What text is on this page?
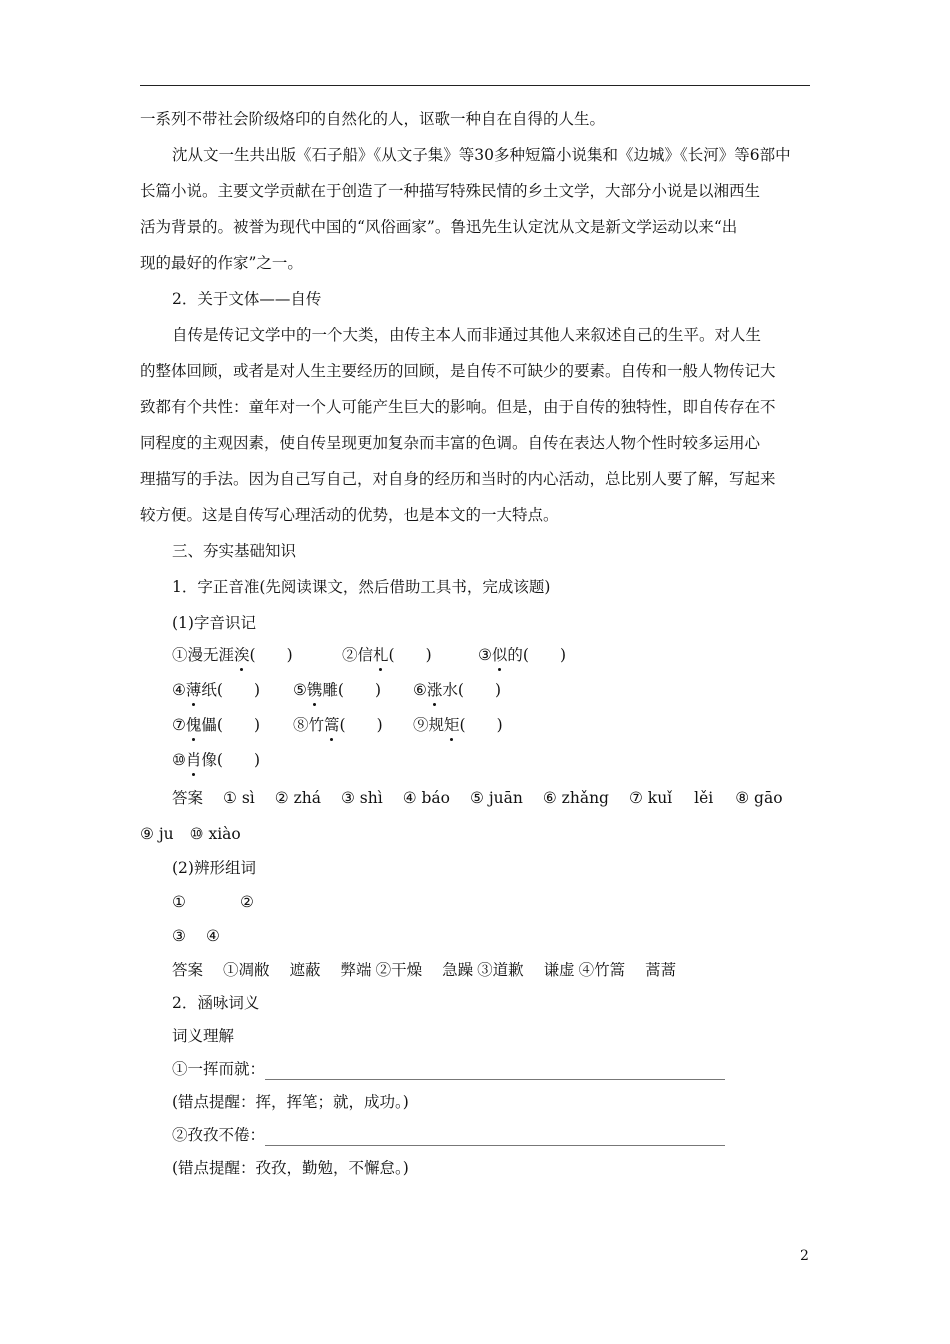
一系列不带社会阶级烙印的自然化的人，讴歌一种自在自得的人生。
沈从文一生共出版《石子船》《从文子集》等30多种短篇小说集和《边城》《长河》等6部中
长篇小说。主要文学贡献在于创造了一种描写特殊民情的乡土文学，大部分小说是以湘西生
活为背景的。被誉为现代中国的“风俗画家”。鲁迅先生认定沈从文是新文学运动以来“出
现的最好的作家”之一。
2．关于文体——自传
自传是传记文学中的一个大类，由传主本人而非通过其他人来叙述自己的生平。对人生
的整体回顾，或者是对人生主要经历的回顾，是自传不可缺少的要素。自传和一般人物传记大
致都有个共性：童年对一个人可能产生巨大的影响。但是，由于自传的独特性，即自传存在不
同程度的主观因素，使自传呈现更加复杂而丰富的色调。自传在表达人物个性时较多运用心
理描写的手法。因为自己写自己，对自身的经历和当时的内心活动，总比别人要了解，写起来
较方便。这是自传写心理活动的优势，也是本文的一大特点。
三、夯实基础知识
1．字正音准(先阅读课文，然后借助工具书，完成该题)
(1)字音识记
①漫无涯涘(　　)	②信札(　　)	③似的(　　)
④薄纸(　　) ⑤镌雕(　　) ⑥涨水(　　)
⑦傀儡(　　) ⑧竹篙(　　) ⑨规矩(　　)
⑩肖像(　　)
答案 ① sì ② zhá ③ shì ④ báo ⑤ juān ⑥ zhǎng ⑦ kuǐ lěi ⑧ gāo
⑨ ju ⑩ xiào
(2)辨形组词
①	②
③ ④
答案 ①凋敝 遮蔽 弊端 ②干燥 急躁 ③道歉 谦虚 ④竹篙 蒿蒿
2．涵咏词义
词义理解
①一挥而就：
(错点提醒：挥，挥笔；就，成功。)
②孜孜不倦：
(错点提醒：孜孜，勤勉，不懈怠。)
2
